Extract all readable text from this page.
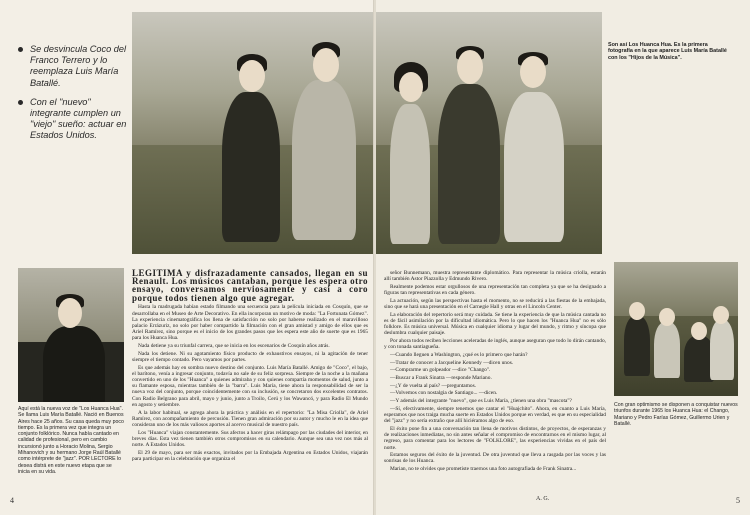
Se desvincula Coco del Franco Terrero y lo reemplaza Luis María Batallé.
Con el "nuevo" integrante cumplen un "viejo" sueño: actuar en Estados Unidos.
Aquí está la nueva voz de "Los Huanca Hua". Se llama Luis María Batallé. Nació en Buenos Aires hace 25 años. Su casa queda muy poco tiempo. Es la primera vez que integra un conjunto folklórico. Nunca había cantado en calidad de profesional, pero en cambio incursionó junto a Horacio Molina, Sergio Mihanovich y su hermano Jorge Raúl Batallé como intérprete de "jazz". POR LECTORE lo desea distrá en este nuevo etapa que se inicia en su vida.

LEGITIMA y disfrazadamente cansados, llegan en su Renault. Los músicos cantaban, porque les espera otro ensayo, conversamos nerviosamente y casi a coro porque todos tienen algo que agregar.

Hasta la madrugada habían estado filmando una secuencia para la película iniciada en Cosquín, que se desarrollaba en el Museo de Arte Decorativo. En ella incorporan un motivo de moda: "La Fortunata Gómez". La experiencia cinematográfica los llena de satisfacción no solo por haberse realizado en el maravilloso palacio Errázuriz, no solo por haber compartido la filmación con el gran amistad y amigo de ellos que es Ariel Ramírez, sino porque es el inicio de los grandes pasos que les espera este año de suerte que es 1965 para los Huanca Hua.

Nada detiene ya su triunfal carrera, que se inicia en los escenarios de Cosquín años atrás.

Nada los detiene. Ni su agotamiento físico producto de exhaustivos ensayos, ni la agitación de tener siempre el tiempo contado. Pero vayamos por partes.

Es que además hay en sombra nuevo destino del conjunto. Luis María Batallé. Amigo de "Coco", el bajo, el barítono, venía a ingresar conjunto, todavía no sale de su feliz sorpresa. Siempre de la noche a la mañana convertido en uno de los "Huanca" a quienes admiraba y con quienes compartía momentos de salud, junto a su flamante esposa, mientras también de la "barra". Luis María, tiene ahora la responsabilidad de ser la nueva voz del conjunto, porque coincidentemente con su inclusión, se concretaron dos excelentes contratos. Con Radio Belgrano para abril, mayo y junio, junto a Troilo, Cerú y los Wawancó, y para Radio El Mundo en agosto y setiembre.

A la labor habitual, se agrega ahora la práctica y análisis en el repertorio: "La Misa Criolla", de Ariel Ramírez, con acompañamiento de percusión. Tienen gran admiración por su autor y mucho le en la idea que consideran uno de los más valiosos aportes al acervo musical de nuestro país.

Los "Huanca" viajan constantemente. Sus afectos a hacer giras relámpago por las ciudades del interior, en breves días. Esta vez tienen también otros compromisos en su calendario. Aunque sea una vez nos más al norte. A Estados Unidos.

El 29 de mayo, para ser más exactos, invitados por la Embajada Argentina en Estados Unidos, viajarán para participar en la celebración que organiza el

4
Son así Los Huanca Hua. Es la primera fotografía en la que aparece Luis María Batallé con los "Hijos de la Música".

señor Bunnemann, muestra representante diplomático. Para representar la música criolla, estarán allí también Astor Piazzolla y Edmundo Rivero.

Realmente podemos estar orgullosos de una representación tan completa ya que se ha designado a figuras tan representativas en cada género.

La actuación, según las perspectivas hasta el momento, no se reducirá a las fiestas de la embajada, sino que se hará una presentación en el Carnegie Hall y otras en el Lincoln Center.

La elaboración del repertorio será muy cuidada. Se tiene la experiencia de que la música cantada no es de fácil asimilación por la dificultad idiomática. Pero lo que hacen los "Huanca Hua" no es sólo folklore. Es música universal. Música en cualquier idioma y lugar del mundo, y ritmo y síncopa que deslumbra cualquier paisaje.

Por ahora todos reciben lecciones aceleradas de inglés, aunque aseguran que todo lo dirán cantando, y con tonada santiagueña.

—Cuando lleguen a Washington, ¿qué es lo primero que harán?

—Tratar de conocer a Jacqueline Kennedy —dicen unos.

—Comprarme un golpeador —dice "Chango".

—Buscar a Frank Sinatra —responde Mariano.

—¿Y de vuelta al país? —preguntamos.

—Volvemos con nostalgia de Santiago... —dicen.

—Y además del integrante "nuevo", que es Luis María, ¿tienen una obra "mascota"?

—Sí, efectivamente, siempre tenemos que cantar el "Huajchito". Ahora, en cuanto a Luis María, esperamos que nos traiga mucha suerte en Estados Unidos porque en verdad, es que en su especialidad del "jazz" y no sería extraño que allí hiciéramos algo de eso.

El éxito pone fin a una conversación tan llena de motivos distintos, de proyectos, de esperanzas y de realizaciones inmediatas, no sin antes señalar el compromiso de encontrarnos en el mismo lugar, al regreso, para comentar para los lectores de "FOLKLORE", las experiencias vividas en el país del norte.

Estamos seguros del éxito de la juventud. De otra juventud que lleva a rasgada por las voces y las sonrisas de los Huanca.

Marian, no te olvides que prometiste traernos una foto autografiada de Frank Sinatra...

A. G.
Con gran optimismo se disponen a conquistar nuevos triunfos durante 1965 los Huanca Hua: el Chango, Mariano y Pedro Farías Gómez, Guillermo Urien y Batallé.
5
